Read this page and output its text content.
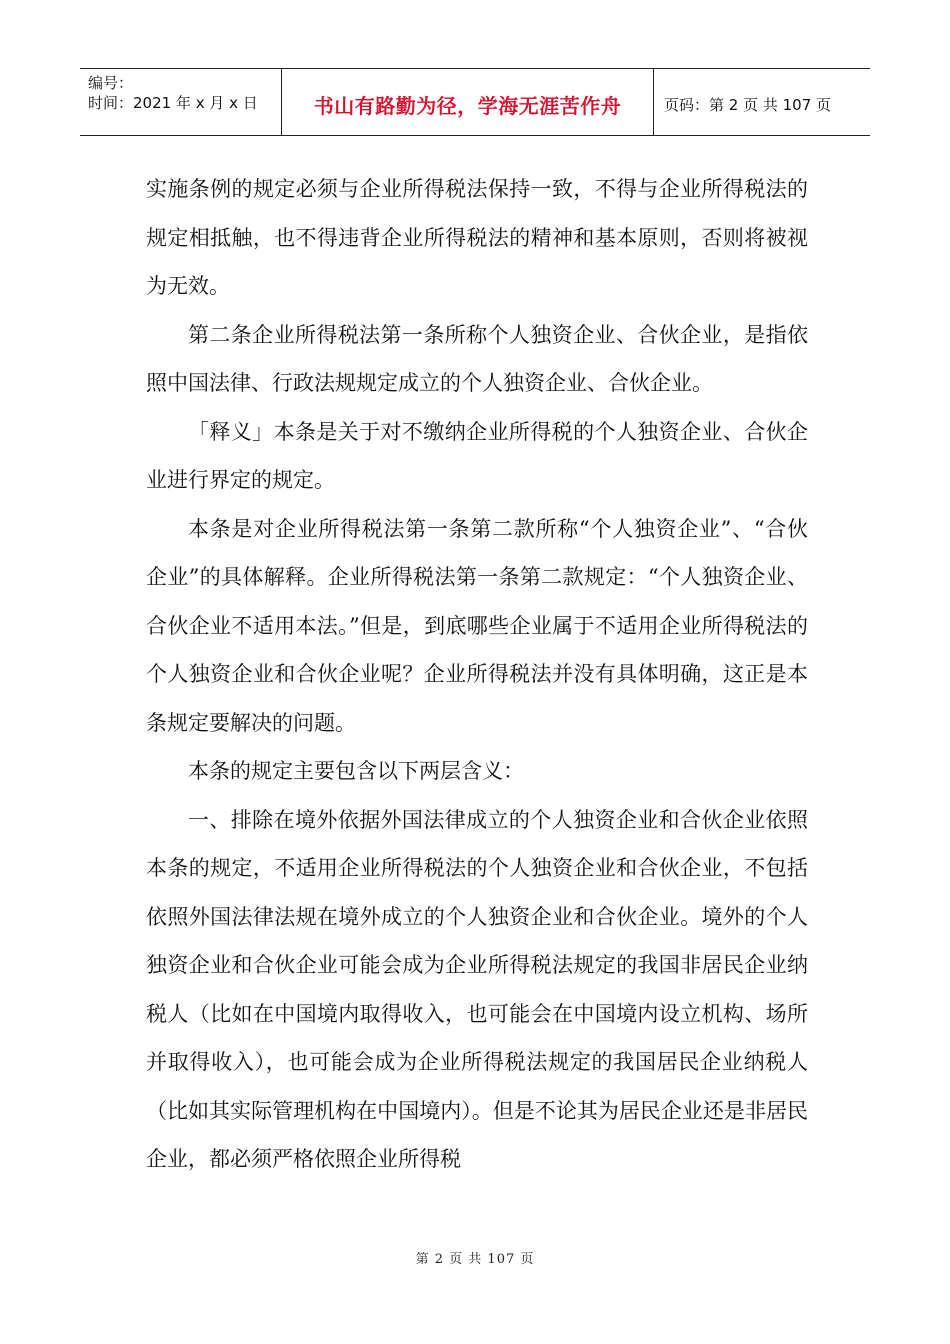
编号：
时间：2021 年 x 月 x 日	书山有路勤为径，学海无涯苦作舟	页码：第 2 页 共 107 页

实施条例的规定必须与企业所得税法保持一致，不得与企业所得税法的规定相抵触，也不得违背企业所得税法的精神和基本原则，否则将被视为无效。

第二条企业所得税法第一条所称个人独资企业、合伙企业，是指依照中国法律、行政法规规定成立的个人独资企业、合伙企业。

「释义」本条是关于对不缴纳企业所得税的个人独资企业、合伙企业进行界定的规定。

本条是对企业所得税法第一条第二款所称“个人独资企业”、“合伙企业”的具体解释。企业所得税法第一条第二款规定：“个人独资企业、合伙企业不适用本法。”但是，到底哪些企业属于不适用企业所得税法的个人独资企业和合伙企业呢？企业所得税法并没有具体明确，这正是本条规定要解决的问题。

本条的规定主要包含以下两层含义：

一、排除在境外依据外国法律成立的个人独资企业和合伙企业依照本条的规定，不适用企业所得税法的个人独资企业和合伙企业，不包括依照外国法律法规在境外成立的个人独资企业和合伙企业。境外的个人独资企业和合伙企业可能会成为企业所得税法规定的我国非居民企业纳税人（比如在中国境内取得收入，也可能会在中国境内设立机构、场所并取得收入），也可能会成为企业所得税法规定的我国居民企业纳税人（比如其实际管理机构在中国境内）。但是不论其为居民企业还是非居民企业，都必须严格依照企业所得税

第 2 页 共 107 页
